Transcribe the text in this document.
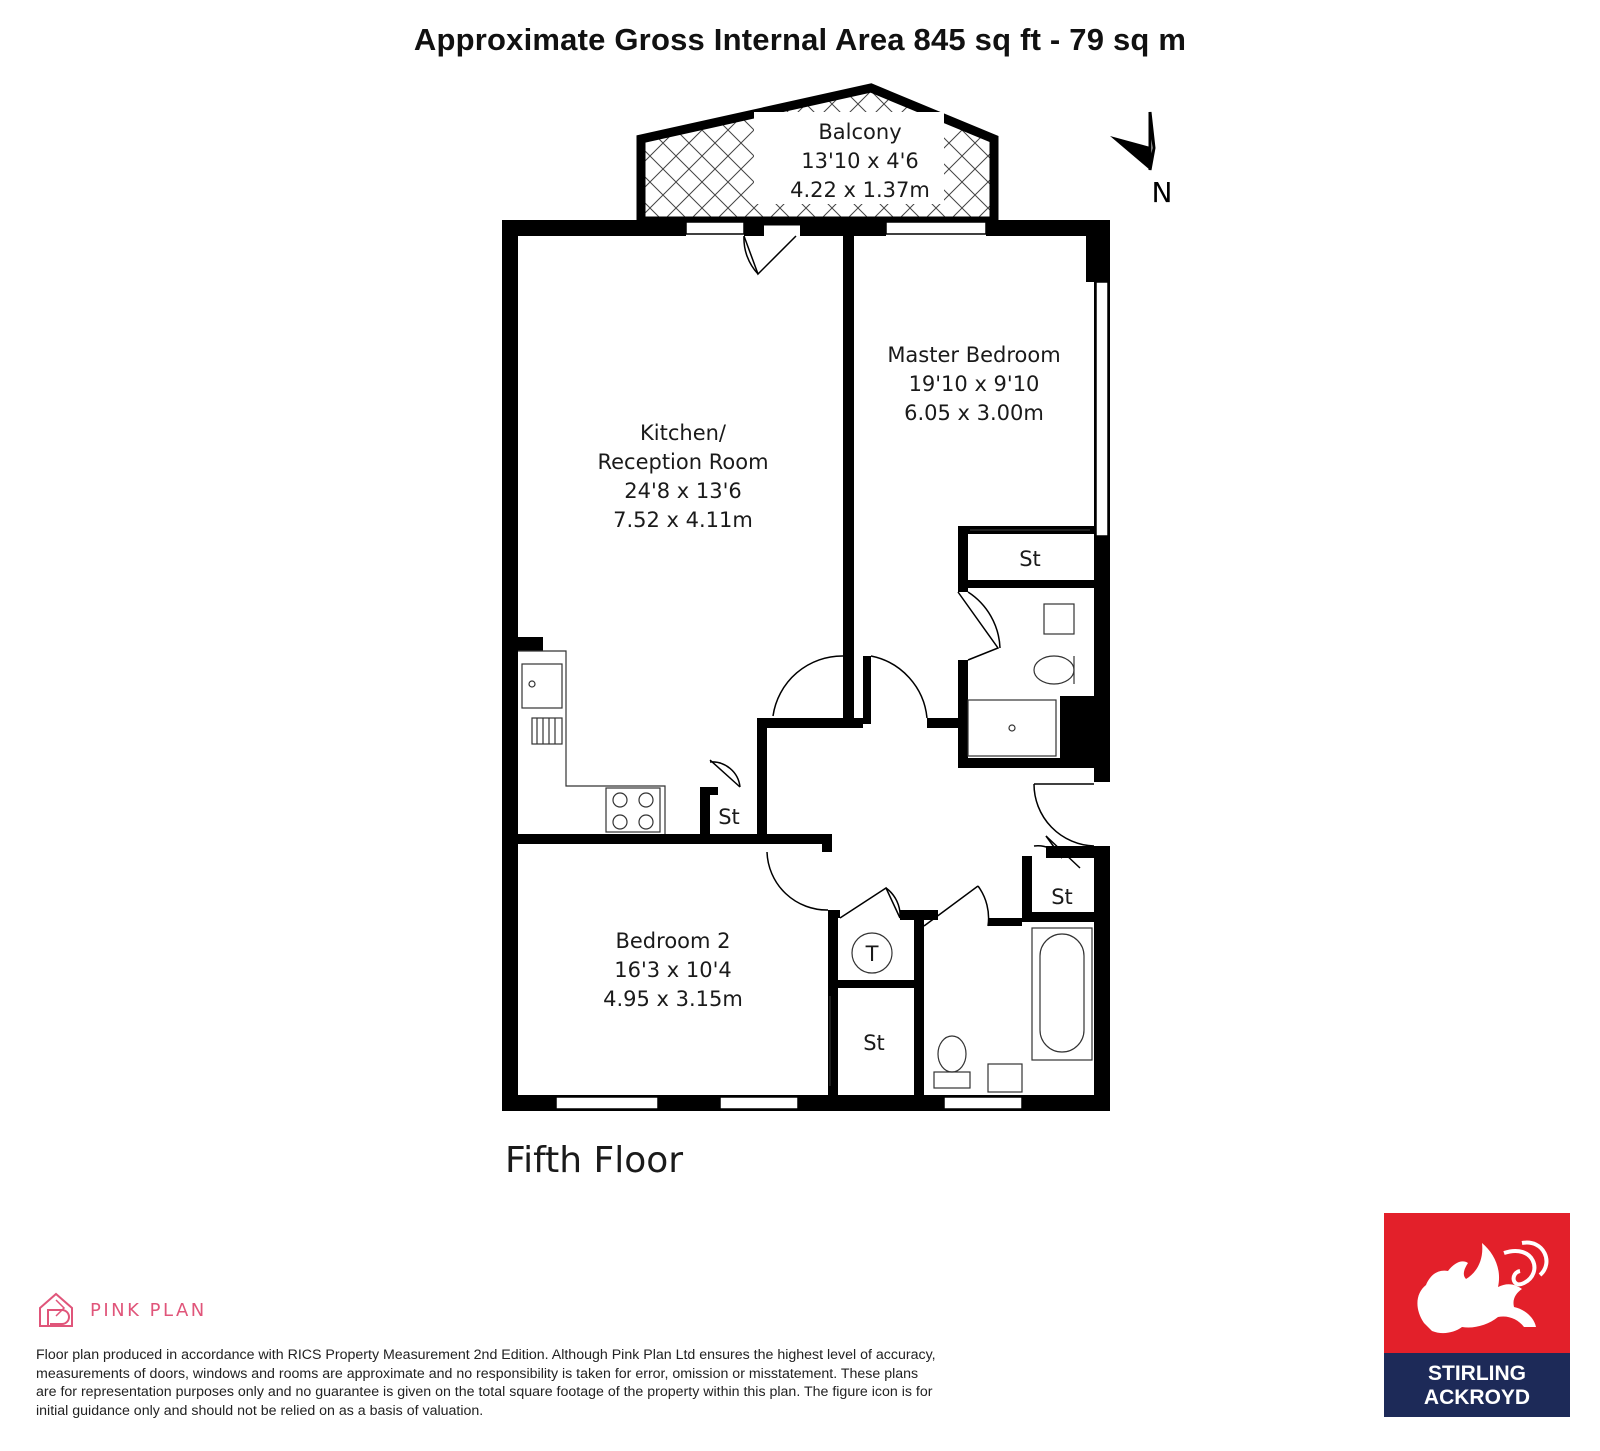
Approximate Gross Internal Area 845 sq ft - 79 sq m
Balcony
13'10 x 4'6
4.22 x 1.37m
Kitchen/
Reception Room
24'8 x 13'6
7.52 x 4.11m
Master Bedroom
19'10 x 9'10
6.05 x 3.00m
Bedroom 2
16'3 x 10'4
4.95 x 3.15m
St
St
St
St
T
N
Fifth Floor
PINK PLAN
Floor plan produced in accordance with RICS Property Measurement 2nd Edition. Although Pink Plan Ltd ensures the highest level of accuracy, measurements of doors, windows and rooms are approximate and no responsibility is taken for error, omission or misstatement. These plans are for representation purposes only and no guarantee is given on the total square footage of the property within this plan. The figure icon is for initial guidance only and should not be relied on as a basis of valuation.
STIRLING
ACKROYD
